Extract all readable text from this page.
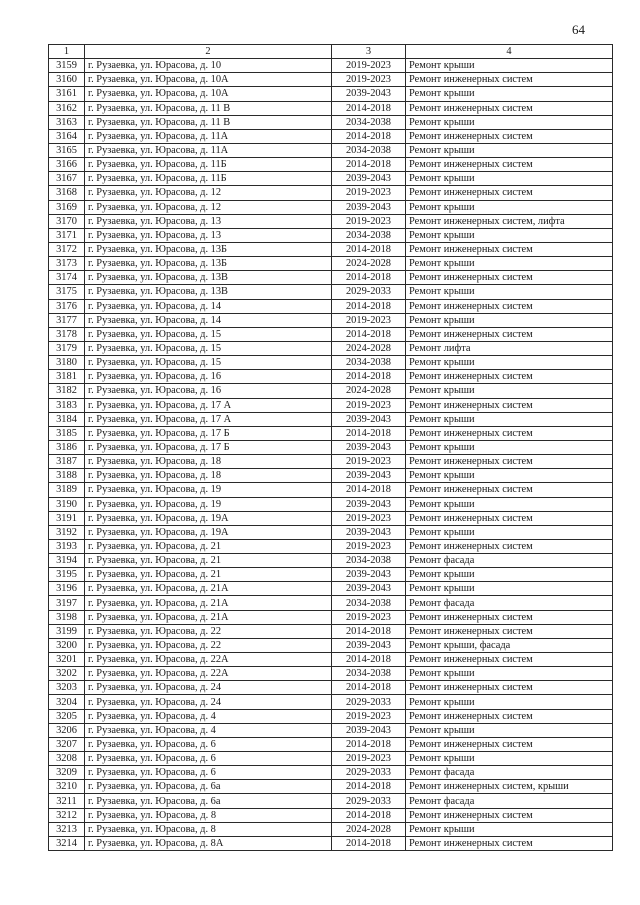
64
1	2	3	4
3159	г. Рузаевка, ул. Юрасова, д. 10	2019-2023	Ремонт крыши
3160	г. Рузаевка, ул. Юрасова, д. 10А	2019-2023	Ремонт инженерных систем
3161	г. Рузаевка, ул. Юрасова, д. 10А	2039-2043	Ремонт крыши
3162	г. Рузаевка, ул. Юрасова, д. 11 В	2014-2018	Ремонт инженерных систем
3163	г. Рузаевка, ул. Юрасова, д. 11 В	2034-2038	Ремонт крыши
3164	г. Рузаевка, ул. Юрасова, д. 11А	2014-2018	Ремонт инженерных систем
3165	г. Рузаевка, ул. Юрасова, д. 11А	2034-2038	Ремонт крыши
3166	г. Рузаевка, ул. Юрасова, д. 11Б	2014-2018	Ремонт инженерных систем
3167	г. Рузаевка, ул. Юрасова, д. 11Б	2039-2043	Ремонт крыши
3168	г. Рузаевка, ул. Юрасова, д. 12	2019-2023	Ремонт инженерных систем
3169	г. Рузаевка, ул. Юрасова, д. 12	2039-2043	Ремонт крыши
3170	г. Рузаевка, ул. Юрасова, д. 13	2019-2023	Ремонт инженерных систем, лифта
3171	г. Рузаевка, ул. Юрасова, д. 13	2034-2038	Ремонт крыши
3172	г. Рузаевка, ул. Юрасова, д. 13Б	2014-2018	Ремонт инженерных систем
3173	г. Рузаевка, ул. Юрасова, д. 13Б	2024-2028	Ремонт крыши
3174	г. Рузаевка, ул. Юрасова, д. 13В	2014-2018	Ремонт инженерных систем
3175	г. Рузаевка, ул. Юрасова, д. 13В	2029-2033	Ремонт крыши
3176	г. Рузаевка, ул. Юрасова, д. 14	2014-2018	Ремонт инженерных систем
3177	г. Рузаевка, ул. Юрасова, д. 14	2019-2023	Ремонт крыши
3178	г. Рузаевка, ул. Юрасова, д. 15	2014-2018	Ремонт инженерных систем
3179	г. Рузаевка, ул. Юрасова, д. 15	2024-2028	Ремонт лифта
3180	г. Рузаевка, ул. Юрасова, д. 15	2034-2038	Ремонт крыши
3181	г. Рузаевка, ул. Юрасова, д. 16	2014-2018	Ремонт инженерных систем
3182	г. Рузаевка, ул. Юрасова, д. 16	2024-2028	Ремонт крыши
3183	г. Рузаевка, ул. Юрасова, д. 17 А	2019-2023	Ремонт инженерных систем
3184	г. Рузаевка, ул. Юрасова, д. 17 А	2039-2043	Ремонт крыши
3185	г. Рузаевка, ул. Юрасова, д. 17 Б	2014-2018	Ремонт инженерных систем
3186	г. Рузаевка, ул. Юрасова, д. 17 Б	2039-2043	Ремонт крыши
3187	г. Рузаевка, ул. Юрасова, д. 18	2019-2023	Ремонт инженерных систем
3188	г. Рузаевка, ул. Юрасова, д. 18	2039-2043	Ремонт крыши
3189	г. Рузаевка, ул. Юрасова, д. 19	2014-2018	Ремонт инженерных систем
3190	г. Рузаевка, ул. Юрасова, д. 19	2039-2043	Ремонт крыши
3191	г. Рузаевка, ул. Юрасова, д. 19А	2019-2023	Ремонт инженерных систем
3192	г. Рузаевка, ул. Юрасова, д. 19А	2039-2043	Ремонт крыши
3193	г. Рузаевка, ул. Юрасова, д. 21	2019-2023	Ремонт инженерных систем
3194	г. Рузаевка, ул. Юрасова, д. 21	2034-2038	Ремонт фасада
3195	г. Рузаевка, ул. Юрасова, д. 21	2039-2043	Ремонт крыши
3196	г. Рузаевка, ул. Юрасова, д. 21А	2039-2043	Ремонт крыши
3197	г. Рузаевка, ул. Юрасова, д. 21А	2034-2038	Ремонт фасада
3198	г. Рузаевка, ул. Юрасова, д. 21А	2019-2023	Ремонт инженерных систем
3199	г. Рузаевка, ул. Юрасова, д. 22	2014-2018	Ремонт инженерных систем
3200	г. Рузаевка, ул. Юрасова, д. 22	2039-2043	Ремонт крыши, фасада
3201	г. Рузаевка, ул. Юрасова, д. 22А	2014-2018	Ремонт инженерных систем
3202	г. Рузаевка, ул. Юрасова, д. 22А	2034-2038	Ремонт крыши
3203	г. Рузаевка, ул. Юрасова, д. 24	2014-2018	Ремонт инженерных систем
3204	г. Рузаевка, ул. Юрасова, д. 24	2029-2033	Ремонт крыши
3205	г. Рузаевка, ул. Юрасова, д. 4	2019-2023	Ремонт инженерных систем
3206	г. Рузаевка, ул. Юрасова, д. 4	2039-2043	Ремонт крыши
3207	г. Рузаевка, ул. Юрасова, д. 6	2014-2018	Ремонт инженерных систем
3208	г. Рузаевка, ул. Юрасова, д. 6	2019-2023	Ремонт крыши
3209	г. Рузаевка, ул. Юрасова, д. 6	2029-2033	Ремонт фасада
3210	г. Рузаевка, ул. Юрасова, д. 6а	2014-2018	Ремонт инженерных систем, крыши
3211	г. Рузаевка, ул. Юрасова, д. 6а	2029-2033	Ремонт фасада
3212	г. Рузаевкa, ул. Юрасова, д. 8	2014-2018	Ремонт инженерных систем
3213	г. Рузаевка, ул. Юрасова, д. 8	2024-2028	Ремонт крыши
3214	г. Рузаевка, ул. Юрасова, д. 8А	2014-2018	Ремонт инженерных систем
